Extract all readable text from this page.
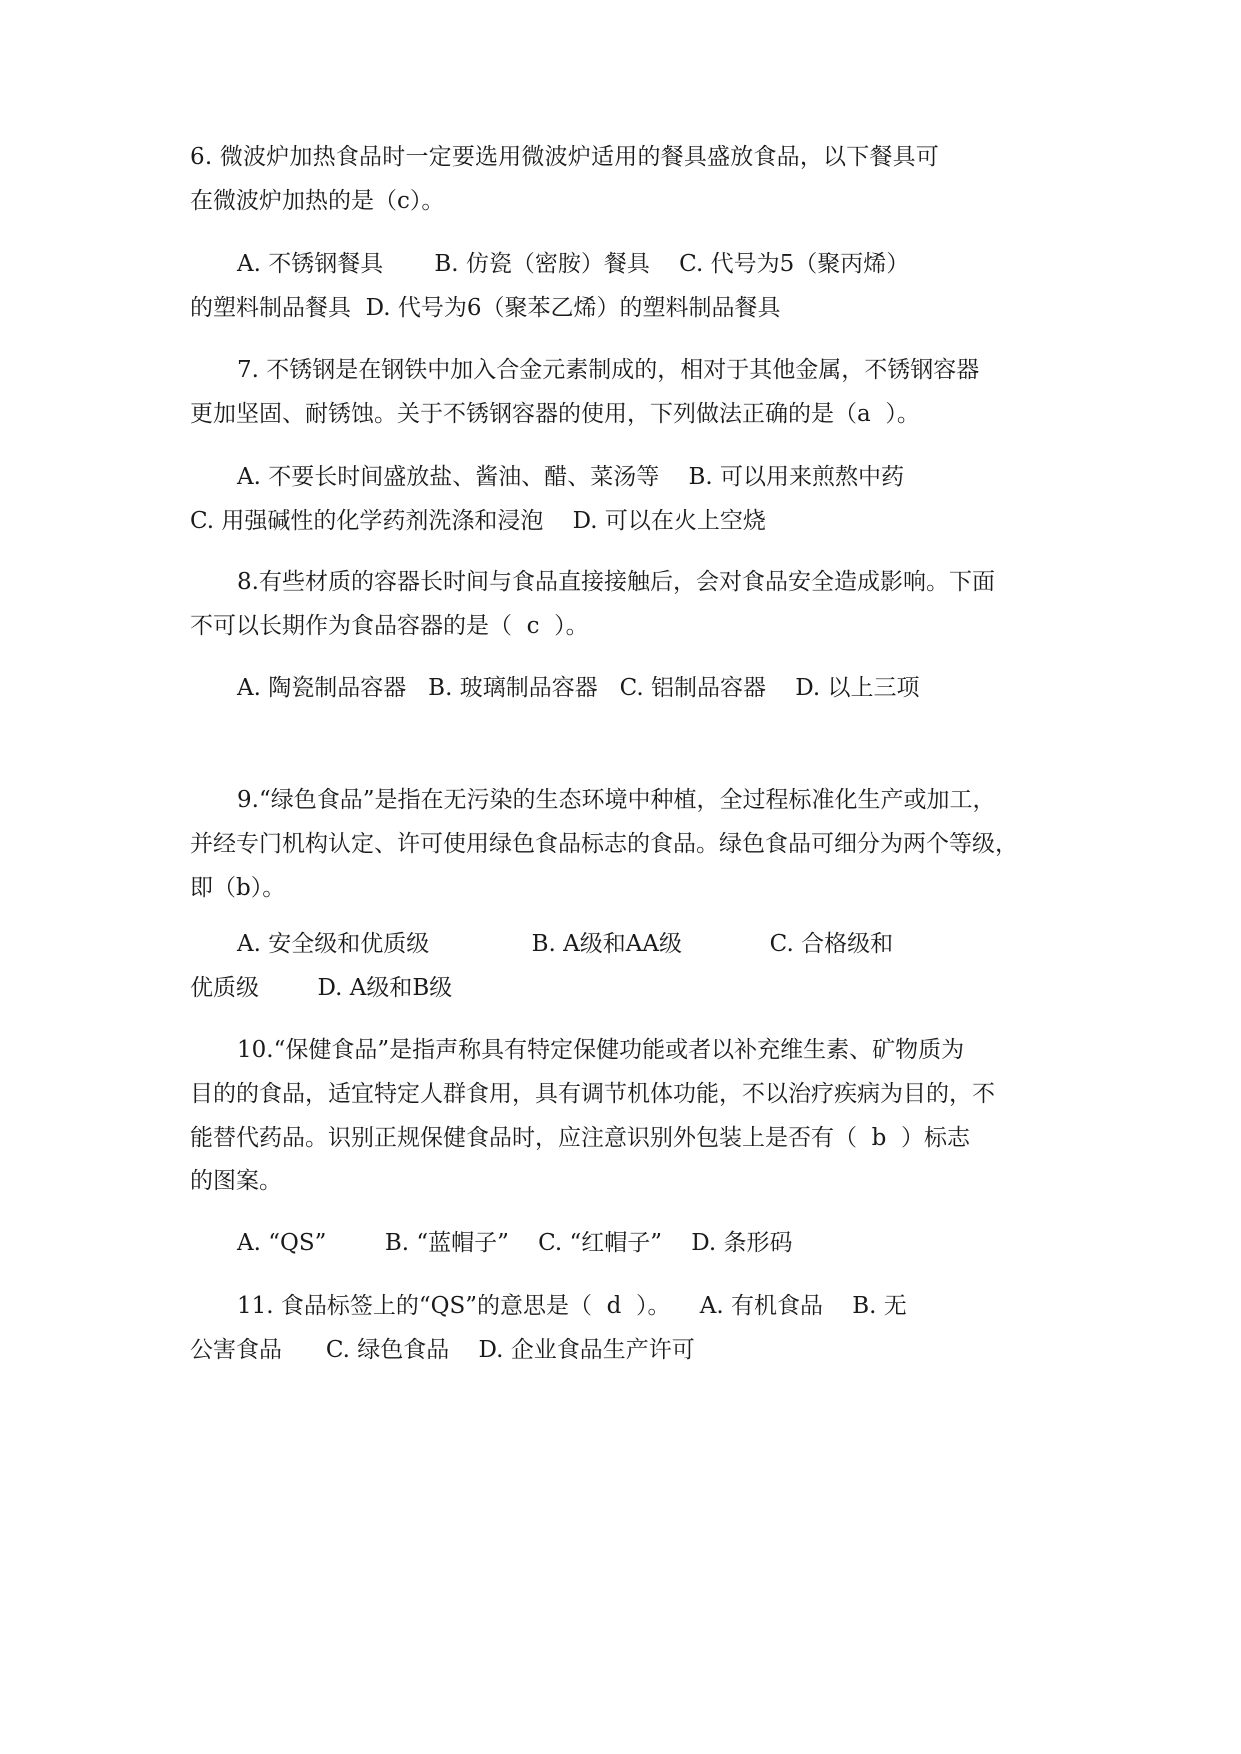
6. 微波炉加热食品时一定要选用微波炉适用的餐具盛放食品，以下餐具可

在微波炉加热的是（c）。

A. 不锈钢餐具       B. 仿瓷（密胺）餐具    C. 代号为5（聚丙烯）

的塑料制品餐具  D. 代号为6（聚苯乙烯）的塑料制品餐具

7. 不锈钢是在钢铁中加入合金元素制成的，相对于其他金属，不锈钢容器

更加坚固、耐锈蚀。关于不锈钢容器的使用，下列做法正确的是（a  ）。

A. 不要长时间盛放盐、酱油、醋、菜汤等    B. 可以用来煎熬中药

C. 用强碱性的化学药剂洗涤和浸泡    D. 可以在火上空烧

8.有些材质的容器长时间与食品直接接触后，会对食品安全造成影响。下面

不可以长期作为食品容器的是（  c  ）。

A. 陶瓷制品容器   B. 玻璃制品容器   C. 铝制品容器    D. 以上三项

9.“绿色食品”是指在无污染的生态环境中种植，全过程标准化生产或加工，

并经专门机构认定、许可使用绿色食品标志的食品。绿色食品可细分为两个等级，

即（b）。

A. 安全级和优质级              B. A级和AA级            C. 合格级和

优质级        D. A级和B级

10.“保健食品”是指声称具有特定保健功能或者以补充维生素、矿物质为

目的的食品，适宜特定人群食用，具有调节机体功能，不以治疗疾病为目的，不

能替代药品。识别正规保健食品时，应注意识别外包装上是否有（  b  ）标志

的图案。

A. “QS”        B. “蓝帽子”    C. “红帽子”    D. 条形码

11. 食品标签上的“QS”的意思是（  d  ）。    A. 有机食品    B. 无

公害食品      C. 绿色食品    D. 企业食品生产许可
